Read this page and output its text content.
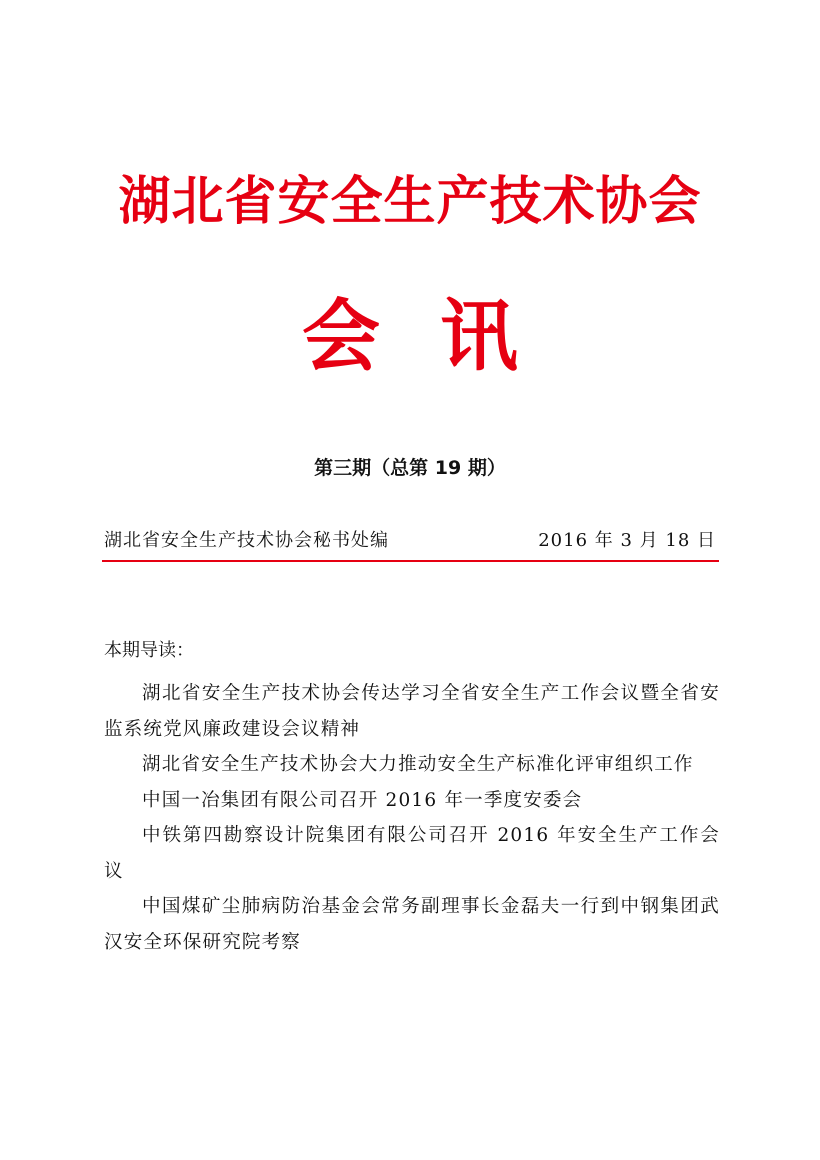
湖北省安全生产技术协会
会讯
第三期（总第 19 期）
湖北省安全生产技术协会秘书处编	2016 年 3 月 18 日
本期导读：
湖北省安全生产技术协会传达学习全省安全生产工作会议暨全省安监系统党风廉政建设会议精神
湖北省安全生产技术协会大力推动安全生产标准化评审组织工作
中国一冶集团有限公司召开 2016 年一季度安委会
中铁第四勘察设计院集团有限公司召开 2016 年安全生产工作会议
中国煤矿尘肺病防治基金会常务副理事长金磊夫一行到中钢集团武汉安全环保研究院考察
